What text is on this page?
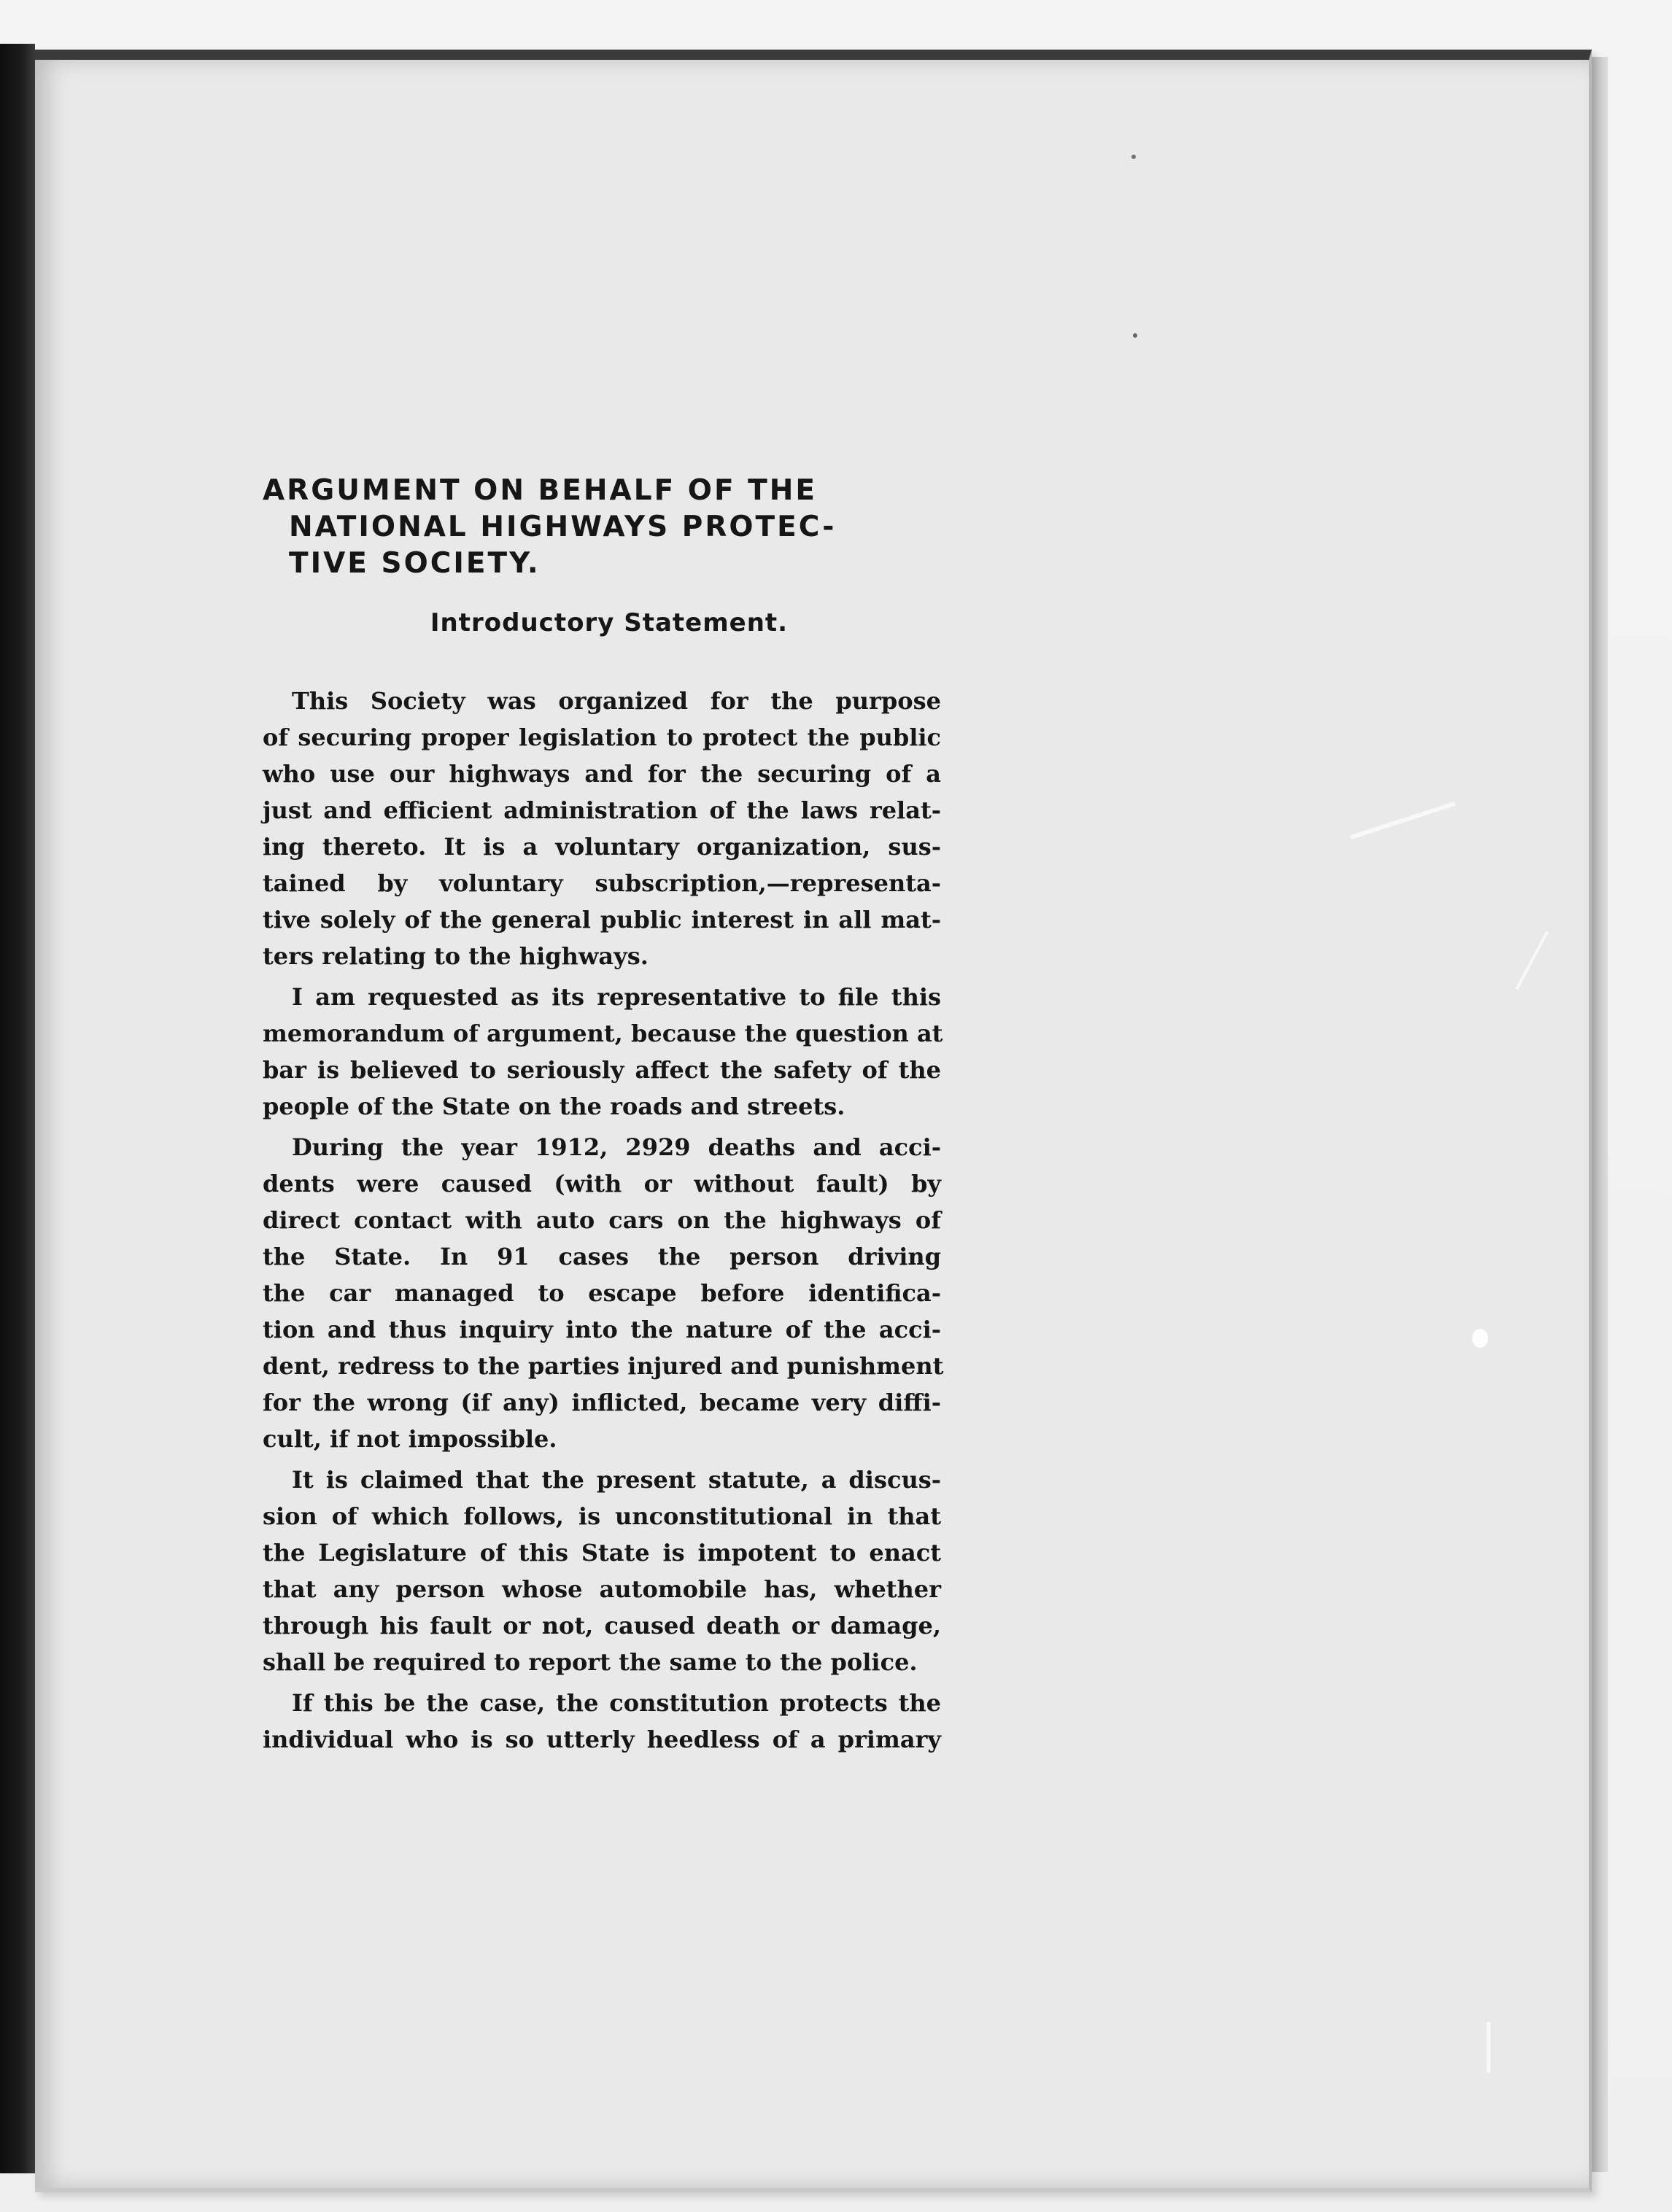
ARGUMENT ON BEHALF OF THE
NATIONAL HIGHWAYS PROTEC-
TIVE SOCIETY.
Introductory Statement.
This Society was organized for the purpose
of securing proper legislation to protect the public
who use our highways and for the securing of a
just and efficient administration of the laws relat-
ing thereto. It is a voluntary organization, sus-
tained by voluntary subscription,—representa-
tive solely of the general public interest in all mat-
ters relating to the highways.
I am requested as its representative to file this
memorandum of argument, because the question at
bar is believed to seriously affect the safety of the
people of the State on the roads and streets.
During the year 1912, 2929 deaths and acci-
dents were caused (with or without fault) by
direct contact with auto cars on the highways of
the State. In 91 cases the person driving
the car managed to escape before identifica-
tion and thus inquiry into the nature of the acci-
dent, redress to the parties injured and punishment
for the wrong (if any) inflicted, became very diffi-
cult, if not impossible.
It is claimed that the present statute, a discus-
sion of which follows, is unconstitutional in that
the Legislature of this State is impotent to enact
that any person whose automobile has, whether
through his fault or not, caused death or damage,
shall be required to report the same to the police.
If this be the case, the constitution protects the
individual who is so utterly heedless of a primary
